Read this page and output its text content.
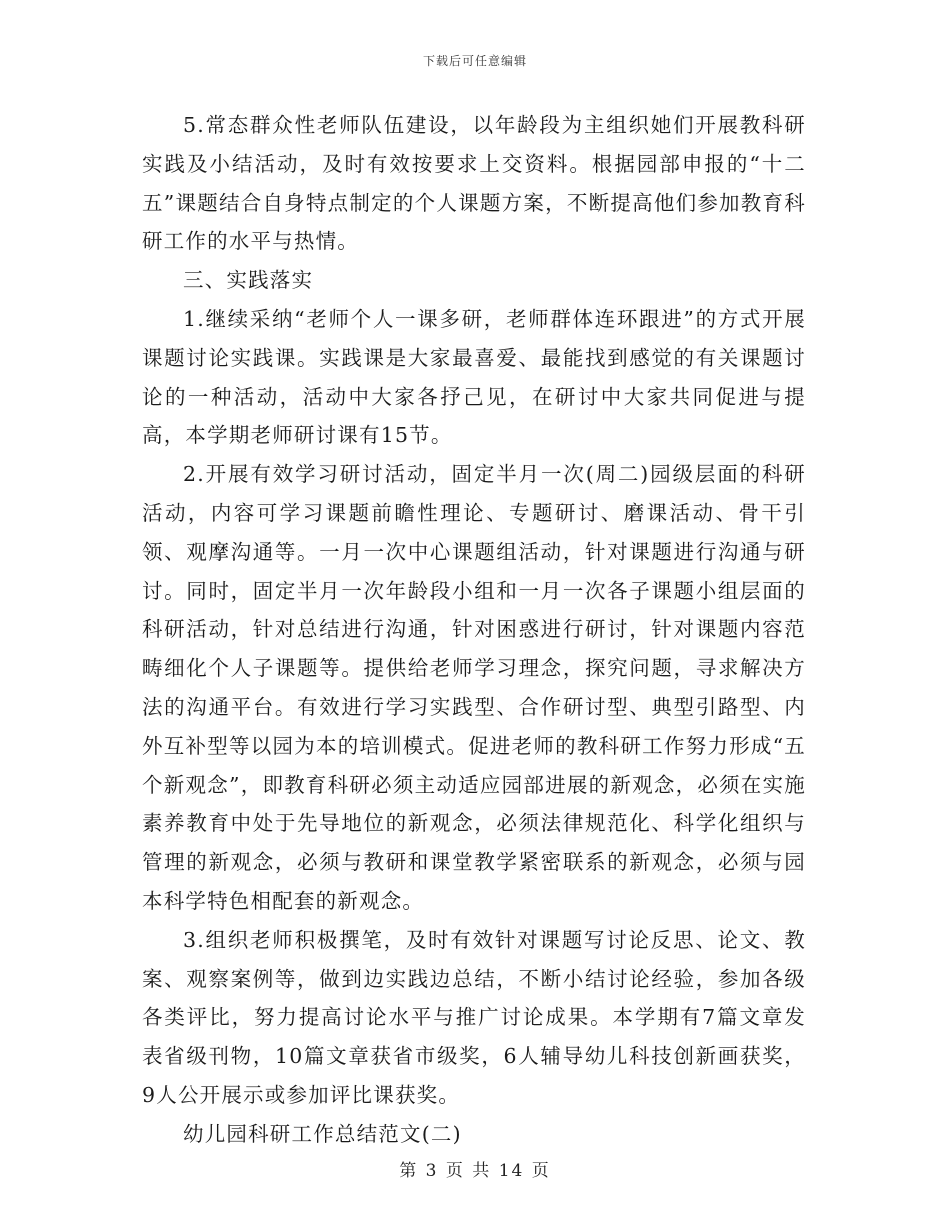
下载后可任意编辑

5.常态群众性老师队伍建设，以年龄段为主组织她们开展教科研实践及小结活动，及时有效按要求上交资料。根据园部申报的“十二五”课题结合自身特点制定的个人课题方案，不断提高他们参加教育科研工作的水平与热情。

三、实践落实

1.继续采纳“老师个人一课多研，老师群体连环跟进”的方式开展课题讨论实践课。实践课是大家最喜爱、最能找到感觉的有关课题讨论的一种活动，活动中大家各抒己见，在研讨中大家共同促进与提高，本学期老师研讨课有15节。

2.开展有效学习研讨活动，固定半月一次(周二)园级层面的科研活动，内容可学习课题前瞻性理论、专题研讨、磨课活动、骨干引领、观摩沟通等。一月一次中心课题组活动，针对课题进行沟通与研讨。同时，固定半月一次年龄段小组和一月一次各子课题小组层面的科研活动，针对总结进行沟通，针对困惑进行研讨，针对课题内容范畴细化个人子课题等。提供给老师学习理念，探究问题，寻求解决方法的沟通平台。有效进行学习实践型、合作研讨型、典型引路型、内外互补型等以园为本的培训模式。促进老师的教科研工作努力形成“五个新观念”，即教育科研必须主动适应园部进展的新观念，必须在实施素养教育中处于先导地位的新观念，必须法律规范化、科学化组织与管理的新观念，必须与教研和课堂教学紧密联系的新观念，必须与园本科学特色相配套的新观念。

3.组织老师积极撰笔，及时有效针对课题写讨论反思、论文、教案、观察案例等，做到边实践边总结，不断小结讨论经验，参加各级各类评比，努力提高讨论水平与推广讨论成果。本学期有7篇文章发表省级刊物，10篇文章获省市级奖，6人辅导幼儿科技创新画获奖，9人公开展示或参加评比课获奖。

幼儿园科研工作总结范文(二)

第 3 页 共 14 页
